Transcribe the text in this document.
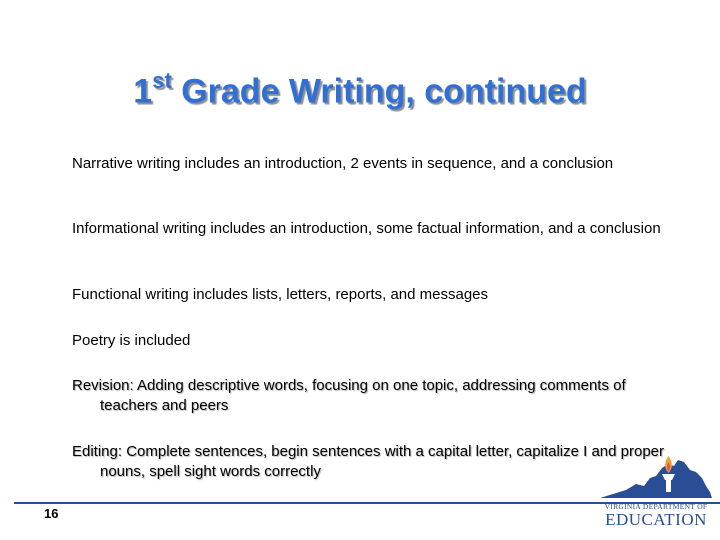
1st Grade Writing, continued
Narrative writing includes an introduction, 2 events in sequence, and a conclusion
Informational writing includes an introduction, some factual information, and a conclusion
Functional writing includes lists, letters, reports, and messages
Poetry is included
Revision: Adding descriptive words, focusing on one topic, addressing comments of teachers and peers
Editing: Complete sentences, begin sentences with a capital letter, capitalize I and proper nouns, spell sight words correctly
16	VIRGINIA DEPARTMENT OF
EDUCATION
